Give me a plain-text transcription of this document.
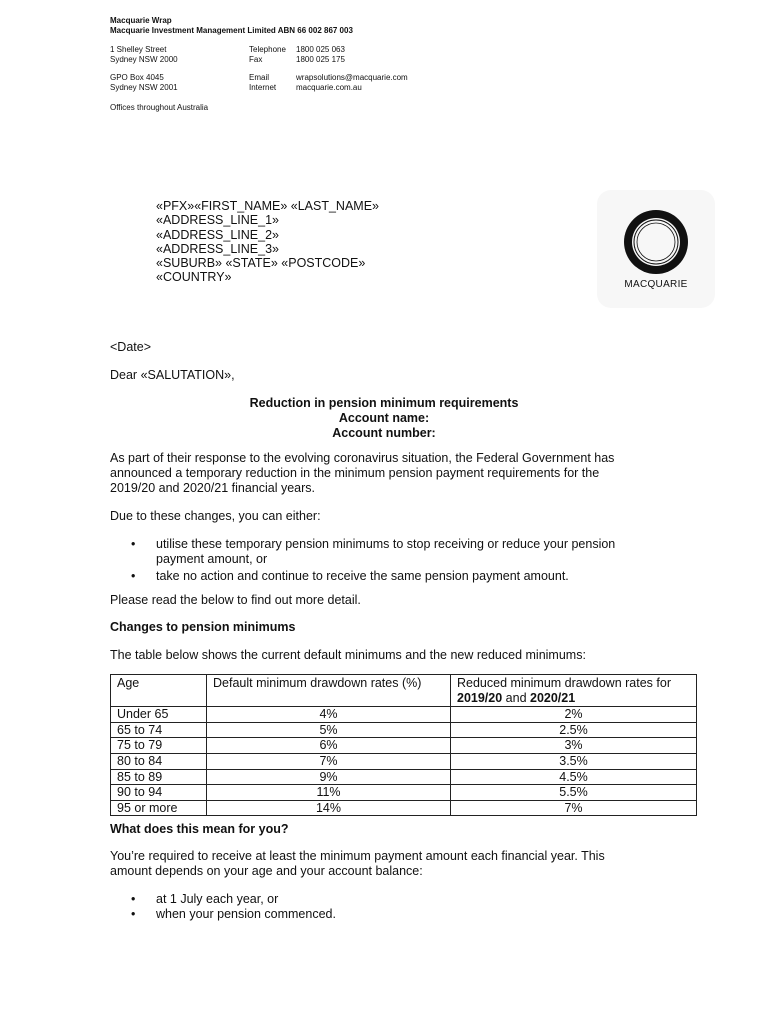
Macquarie Wrap
Macquarie Investment Management Limited ABN 66 002 867 003
1 Shelley Street	Telephone	1800 025 063
Sydney NSW 2000	Fax	1800 025 175
GPO Box 4045	Email	wrapsolutions@macquarie.com
Sydney NSW 2001	Internet	macquarie.com.au
Offices throughout Australia
«PFX»«FIRST_NAME» «LAST_NAME»
«ADDRESS_LINE_1»
«ADDRESS_LINE_2»
«ADDRESS_LINE_3»
«SUBURB» «STATE» «POSTCODE»
«COUNTRY»
MACQUARIE
<Date>
Dear «SALUTATION»,
Reduction in pension minimum requirements
Account name:
Account number:
As part of their response to the evolving coronavirus situation, the Federal Government has announced a temporary reduction in the minimum pension payment requirements for the 2019/20 and 2020/21 financial years.
Due to these changes, you can either:
• utilise these temporary pension minimums to stop receiving or reduce your pension payment amount, or
• take no action and continue to receive the same pension payment amount.
Please read the below to find out more detail.
Changes to pension minimums
The table below shows the current default minimums and the new reduced minimums:
Age	Default minimum drawdown rates (%)	Reduced minimum drawdown rates for
2019/20 and 2020/21
Under 65	4%	2%
65 to 74	5%	2.5%
75 to 79	6%	3%
80 to 84	7%	3.5%
85 to 89	9%	4.5%
90 to 94	11%	5.5%
95 or more	14%	7%
What does this mean for you?
You’re required to receive at least the minimum payment amount each financial year. This amount depends on your age and your account balance:
• at 1 July each year, or
• when your pension commenced.
